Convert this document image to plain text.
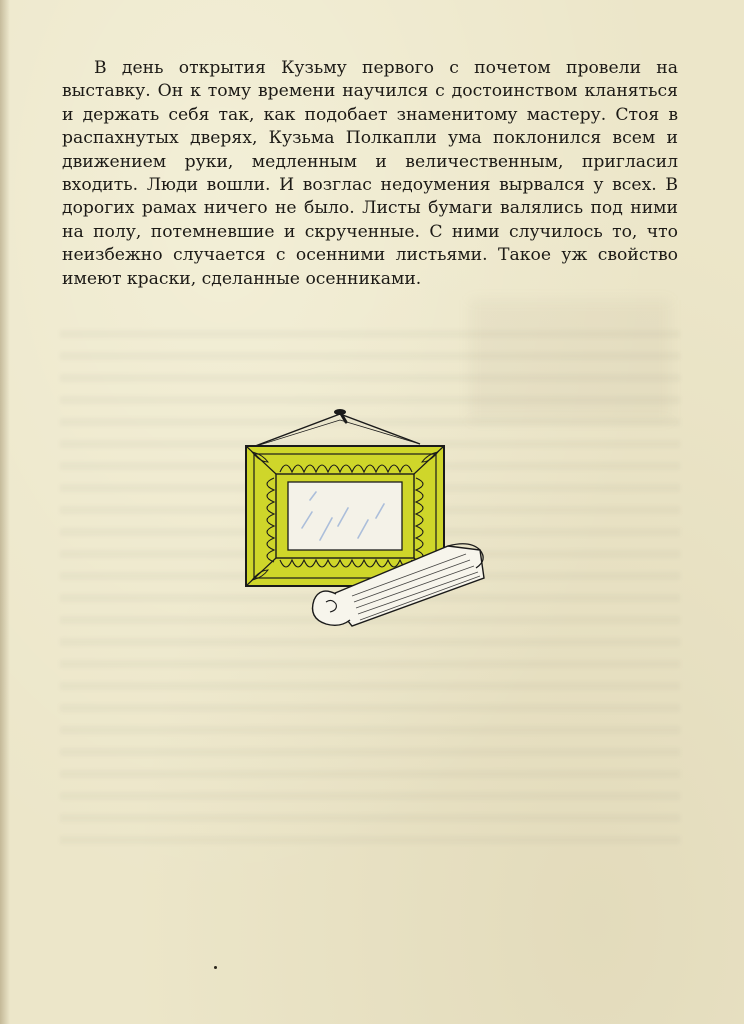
В день открытия Кузьму первого с почетом провели на выставку. Он к тому времени научился с достоинством кланяться и держать себя так, как подобает знаменитому мастеру. Стоя в распахнутых дверях, Кузьма Полкапли ума поклонился всем и движением руки, медленным и величественным, пригласил входить. Люди вошли. И возглас недоумения вырвался у всех. В дорогих рамах ничего не было. Листы бумаги валялись под ними на полу, потемневшие и скрученные. С ними случилось то, что неизбежно случается с осенними листьями. Такое уж свойство имеют краски, сделанные осенниками.
